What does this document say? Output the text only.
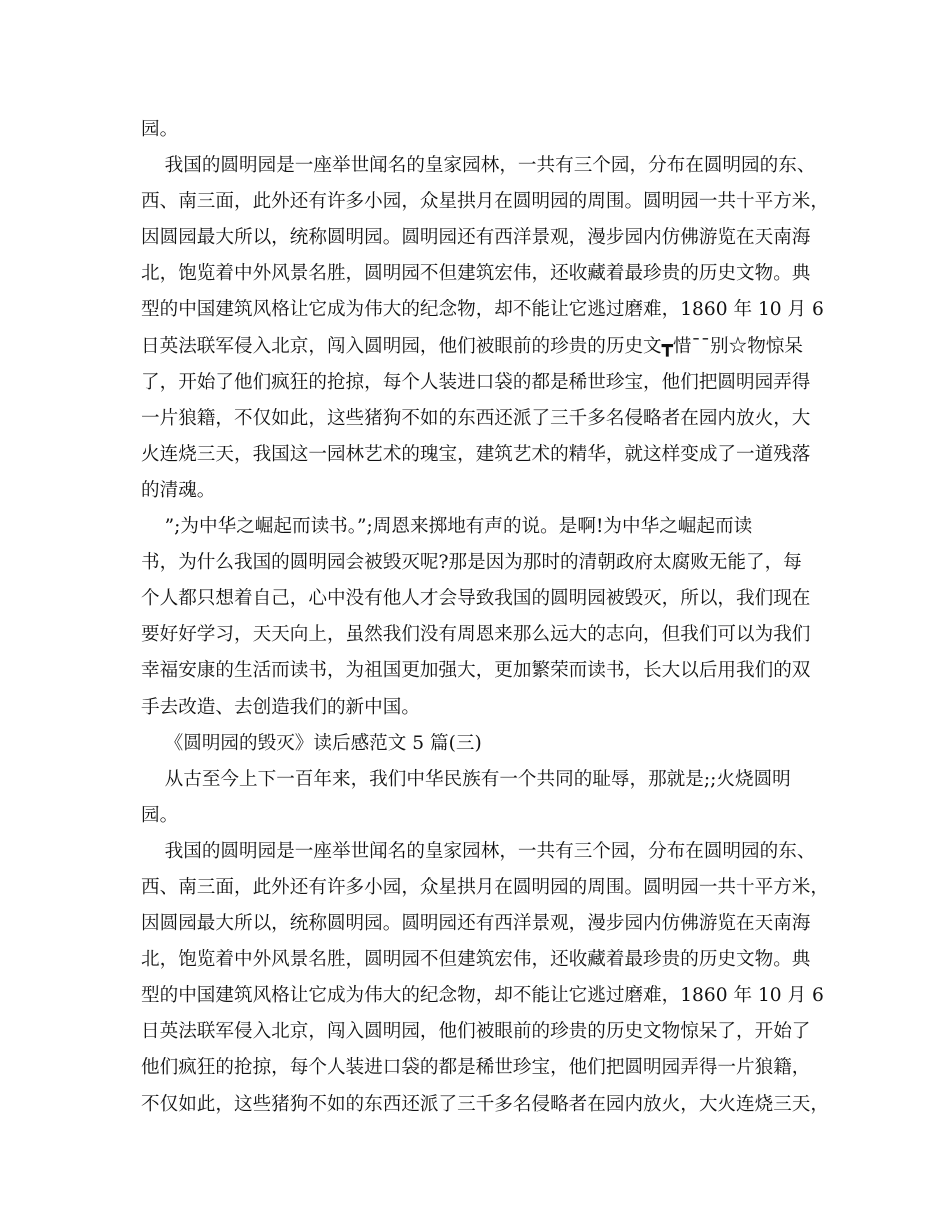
园。
我国的圆明园是一座举世闻名的皇家园林，一共有三个园，分布在圆明园的东、
西、南三面，此外还有许多小园，众星拱月在圆明园的周围。圆明园一共十平方米，
因圆园最大所以，统称圆明园。圆明园还有西洋景观，漫步园内仿佛游览在天南海
北，饱览着中外风景名胜，圆明园不但建筑宏伟，还收藏着最珍贵的历史文物。典
型的中国建筑风格让它成为伟大的纪念物，却不能让它逃过磨难，1860 年 10 月 6
日英法联军侵入北京，闯入圆明园，他们被眼前的珍贵的历史文┳惜¯¯别☆物惊呆
了，开始了他们疯狂的抢掠，每个人装进口袋的都是稀世珍宝，他们把圆明园弄得
一片狼籍，不仅如此，这些猪狗不如的东西还派了三千多名侵略者在园内放火，大
火连烧三天，我国这一园林艺术的瑰宝，建筑艺术的精华，就这样变成了一道残落
的清魂。
”;为中华之崛起而读书。”;周恩来掷地有声的说。是啊!为中华之崛起而读
书，为什么我国的圆明园会被毁灭呢?那是因为那时的清朝政府太腐败无能了，每
个人都只想着自己，心中没有他人才会导致我国的圆明园被毁灭，所以，我们现在
要好好学习，天天向上，虽然我们没有周恩来那么远大的志向，但我们可以为我们
幸福安康的生活而读书，为祖国更加强大，更加繁荣而读书，长大以后用我们的双
手去改造、去创造我们的新中国。
《圆明园的毁灭》读后感范文 5 篇(三)
从古至今上下一百年来，我们中华民族有一个共同的耻辱，那就是;;火烧圆明
园。
我国的圆明园是一座举世闻名的皇家园林，一共有三个园，分布在圆明园的东、
西、南三面，此外还有许多小园，众星拱月在圆明园的周围。圆明园一共十平方米，
因圆园最大所以，统称圆明园。圆明园还有西洋景观，漫步园内仿佛游览在天南海
北，饱览着中外风景名胜，圆明园不但建筑宏伟，还收藏着最珍贵的历史文物。典
型的中国建筑风格让它成为伟大的纪念物，却不能让它逃过磨难，1860 年 10 月 6
日英法联军侵入北京，闯入圆明园，他们被眼前的珍贵的历史文物惊呆了，开始了
他们疯狂的抢掠，每个人装进口袋的都是稀世珍宝，他们把圆明园弄得一片狼籍，
不仅如此，这些猪狗不如的东西还派了三千多名侵略者在园内放火，大火连烧三天，
